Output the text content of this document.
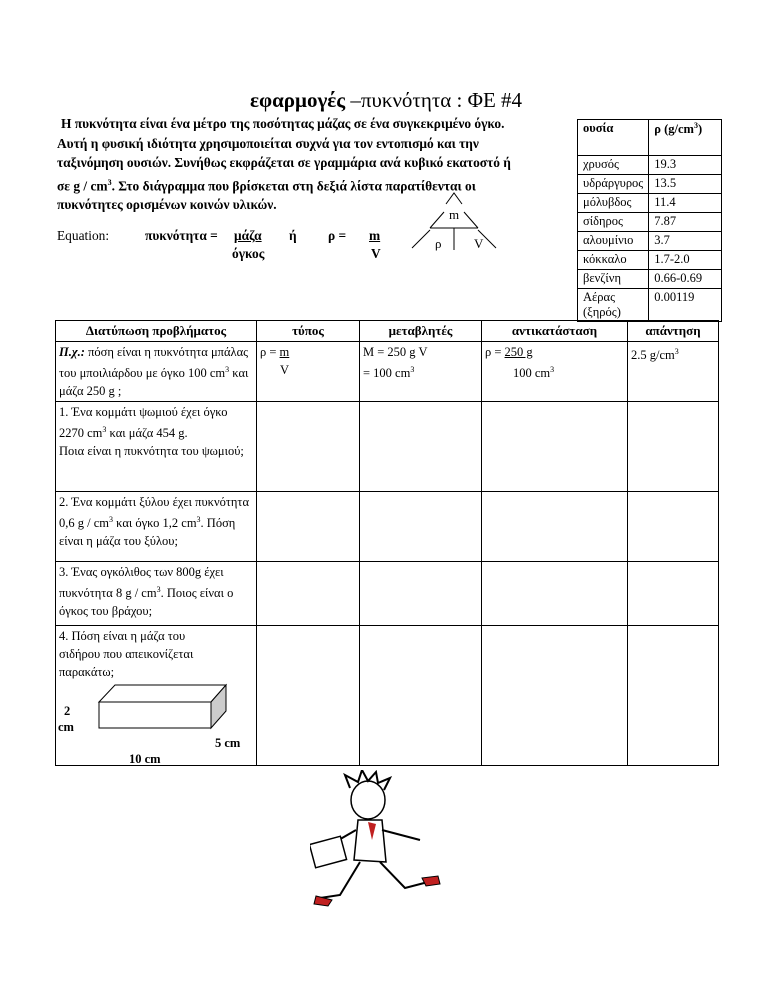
εφαρμογές –πυκνότητα : ΦΕ #4

Η πυκνότητα είναι ένα μέτρο της ποσότητας μάζας σε ένα συγκεκριμένο όγκο.

Αυτή η φυσική ιδιότητα χρησιμοποιείται συχνά για τον εντοπισμό και την

ταξινόμηση ουσιών. Συνήθως εκφράζεται σε γραμμάρια ανά κυβικό εκατοστό ή

σε g / $cm^3$. Στο διάγραμμα που βρίσκεται στη δεξιά λίστα παρατίθενται οι

πυκνότητες ορισμένων κοινών υλικών.

Equation:	πυκνότητα = μάζα
όγκος
ή ρ = m
V
m
ρ	V
ουσία	ρ $(g/cm^3)$
χρυσός	19.3
υδράργυρος	13.5
μόλυβδος	11.4
σίδηρος	7.87
αλουμίνιο	3.7
κόκκαλο	1.7-2.0
βενζίνη	0.66-0.69
Αέρας (ξηρός)	0.00119
Διατύπωση προβλήματος	τύπος	μεταβλητές	αντικατάσταση	απάντηση
Π.χ.: πόση είναι η πυκνότητα μπάλας του μποιλιάρδου με όγκο 100 $cm^3$ και μάζα 250 g ;	ρ = m
V	M = 250 g V
= 100 $cm^3$	ρ = 250 g
100 $cm^3$	2.5 $g/cm^3$
1. Ένα κομμάτι ψωμιού έχει όγκο 2270 $cm^3$ και μάζα 454 g.
Ποια είναι η πυκνότητα του ψωμιού;				
2. Ένα κομμάτι ξύλου έχει πυκνότητα 0,6 g / $cm^3$ και όγκο 1,2 $cm^3$. Πόση είναι η μάζα του ξύλου;				
3. Ένας ογκόλιθος των 800g έχει πυκνότητα 8 g / $cm^3$. Ποιος είναι ο όγκος του βράχου;				

4. Πόση είναι η μάζα του σιδήρου που απεικονίζεται παρακάτω;
2
cm
5 cm
10 cm				
